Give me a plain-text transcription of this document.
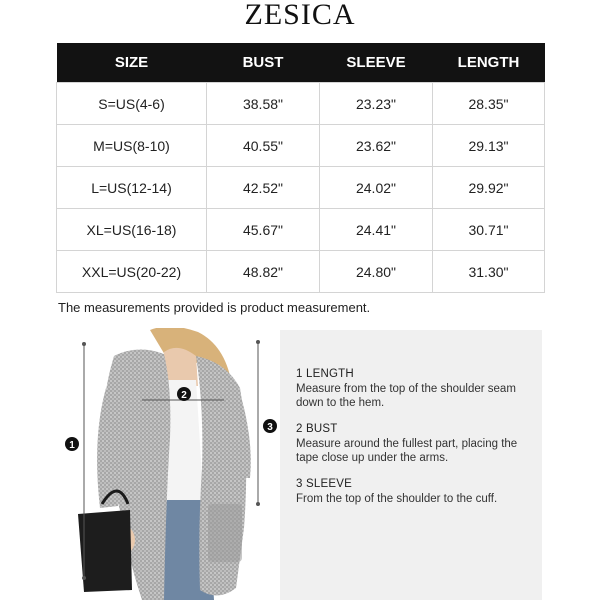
ZESICA
SIZE	BUST	SLEEVE	LENGTH
S=US(4-6)	38.58"	23.23"	28.35"
M=US(8-10)	40.55"	23.62"	29.13"
L=US(12-14)	42.52"	24.02"	29.92"
XL=US(16-18)	45.67"	24.41"	30.71"
XXL=US(20-22)	48.82"	24.80"	31.30"
The measurements provided is product measurement.
1
2
3
1 LENGTH
Measure from the top of the shoulder seam down to the hem.
2 BUST
Measure around the fullest part, placing the tape close up under the arms.
3 SLEEVE
From the top of the shoulder to the cuff.
